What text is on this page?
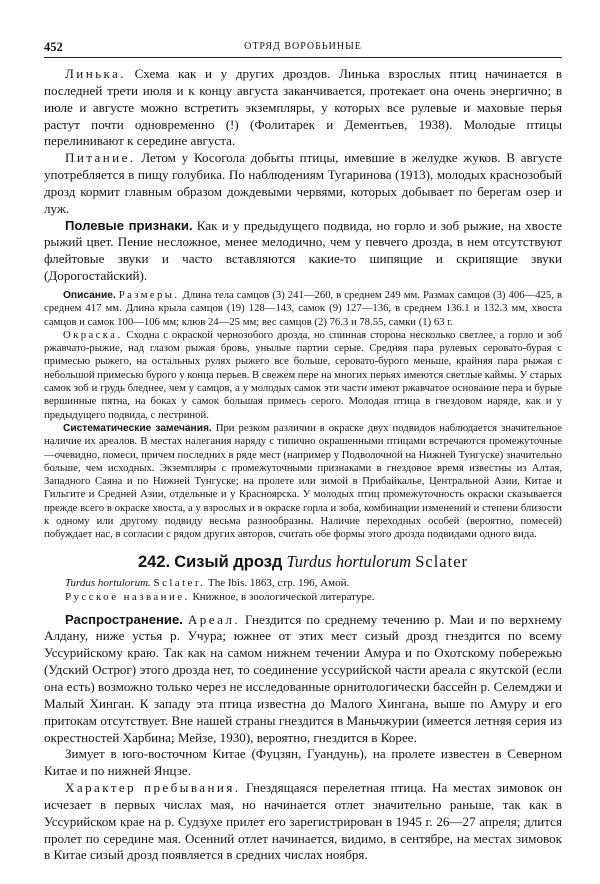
452	ОТРЯД ВОРОБЬИНЫЕ

Линька. Схема как и у других дроздов. Линька взрослых птиц начинается в последней трети июля и к концу августа заканчивается, протекает она очень энергично; в июле и августе можно встретить экземпляры, у которых все рулевые и маховые перья растут почти одновременно (!) (Фолитарек и Дементьев, 1938). Молодые птицы перелинивают к середине августа.

Питание. Летом у Косогола добыты птицы, имевшие в желудке жуков. В августе употребляется в пищу голубика. По наблюдениям Тугаринова (1913), молодых краснозобый дрозд кормит главным образом дождевыми червями, которых добывает по берегам озер и луж.

Полевые признаки. Как и у предыдущего подвида, но горло и зоб рыжие, на хвосте рыжий цвет. Пение несложное, менее мелодично, чем у певчего дрозда, в нем отсутствуют флейтовые звуки и часто вставляются какие-то шипящие и скрипящие звуки (Дорогостайский).

Описание. Размеры. Длина тела самцов (3) 241—260, в среднем 249 мм. Размах самцов (3) 406—425, в среднем 417 мм. Длина крыла самцов (19) 128—143, самок (9) 127—136, в среднем 136.1 и 132.3 мм, хвоста самцов и самок 100—106 мм; клюв 24—25 мм; вес самцов (2) 76.3 и 78.55, самки (1) 63 г.

Окраска. Сходна с окраской чернозобого дрозда, но спинная сторона несколько светлее, а горло и зоб ржавчато-рыжие, над глазом рыжая бровь, унылые партии серые. Средняя пара рулевых серовато-бурая с примесью рыжего, на остальных рулях рыжего все больше, серовато-бурого меньше, крайняя пара рыжая с небольшой примесью бурого у конца перьев. В свежем пере на многих перьях имеются светлые каймы. У старых самок зоб и грудь бледнее, чем у самцов, а у молодых самок эти части имеют ржавчатое основание пера и бурые вершинные пятна, на боках у самок большая примесь серого. Молодая птица в гнездовом наряде, как и у предыдущего подвида, с пестриной.

Систематические замечания. При резком различии в окраске двух подвидов наблюдается значительное наличие их ареалов. В местах налегания наряду с типично окрашенными птицами встречаются промежуточные—очевидно, помеси, причем последних в ряде мест (например у Подволочной на Нижней Тунгуске) значительно больше, чем исходных. Экземпляры с промежуточными признаками в гнездовое время известны из Алтая, Западного Саяна и по Нижней Тунгуске; на пролете или зимой в Прибайкалье, Центральной Азии, Китае и Гильгите и Средней Азии, отдельные и у Красноярска. У молодых птиц промежуточность окраски сказывается прежде всего в окраске хвоста, а у взрослых и в окраске горла и зоба, комбинации изменений и степени близости к одному или другому подвиду весьма разнообразны. Наличие переходных особей (вероятно, помесей) побуждает нас, в согласии с рядом других авторов, считать обе формы этого дрозда подвидами одного вида.

242. Сизый дрозд Turdus hortulorum Sclater

Turdus hortulorum. Sclater. The Ibis. 1863, стр. 196, Амой.

Русское название. Книжное, в зоологической литературе.

Распространение. Ареал. Гнездится по среднему течению р. Маи и по верхнему Алдану, ниже устья р. Учура; южнее от этих мест сизый дрозд гнездится по всему Уссурийскому краю. Так как на самом нижнем течении Амура и по Охотскому побережью (Удский Острог) этого дрозда нет, то соединение уссурийской части ареала с якутской (если она есть) возможно только через не исследованные орнитологически бассейн р. Селемджи и Малый Хинган. К западу эта птица известна до Малого Хингана, выше по Амуру и его притокам отсутствует. Вне нашей страны гнездится в Маньчжурии (имеется летняя серия из окрестностей Харбина; Мейзе, 1930), вероятно, гнездится в Корее.

Зимует в юго-восточном Китае (Фуцзян, Гуандунь), на пролете известен в Северном Китае и по нижней Янцзе.

Характер пребывания. Гнездящаяся перелетная птица. На местах зимовок он исчезает в первых числах мая, но начинается отлет значительно раньше, так как в Уссурийском крае на р. Судзухе прилет его зарегистрирован в 1945 г. 26—27 апреля; длится пролет по середине мая. Осенний отлет начинается, видимо, в сентябре, на местах зимовок в Китае сизый дрозд появляется в средних числах ноября.
